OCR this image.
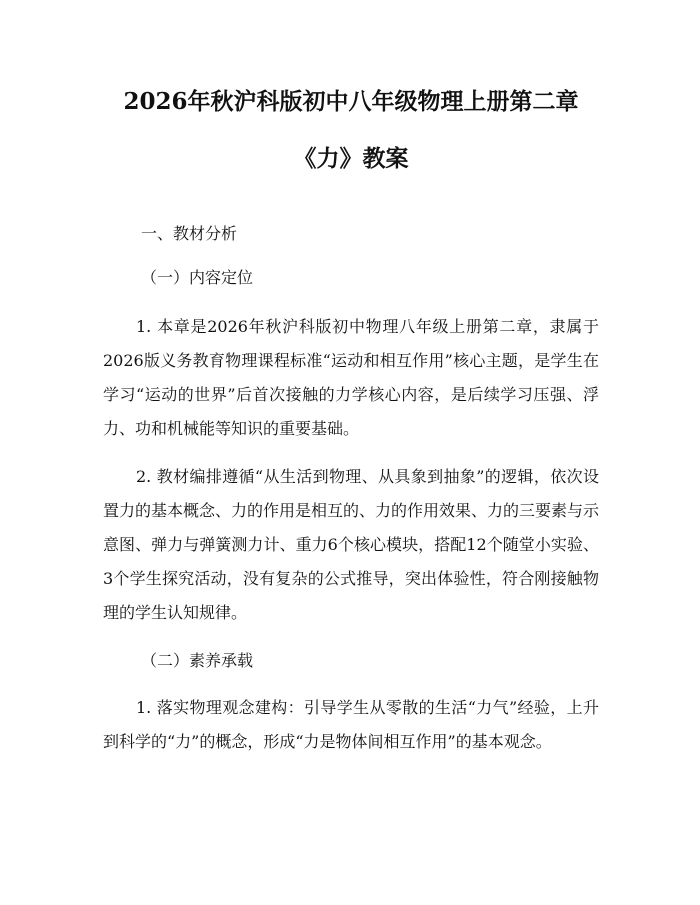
2026年秋沪科版初中八年级物理上册第二章
《力》教案

一、教材分析

（一）内容定位

1. 本章是2026年秋沪科版初中物理八年级上册第二章，隶属于2026版义务教育物理课程标准“运动和相互作用”核心主题，是学生在学习“运动的世界”后首次接触的力学核心内容，是后续学习压强、浮力、功和机械能等知识的重要基础。

2. 教材编排遵循“从生活到物理、从具象到抽象”的逻辑，依次设置力的基本概念、力的作用是相互的、力的作用效果、力的三要素与示意图、弹力与弹簧测力计、重力6个核心模块，搭配12个随堂小实验、3个学生探究活动，没有复杂的公式推导，突出体验性，符合刚接触物理的学生认知规律。

（二）素养承载

1. 落实物理观念建构：引导学生从零散的生活“力气”经验，上升到科学的“力”的概念，形成“力是物体间相互作用”的基本观念。
